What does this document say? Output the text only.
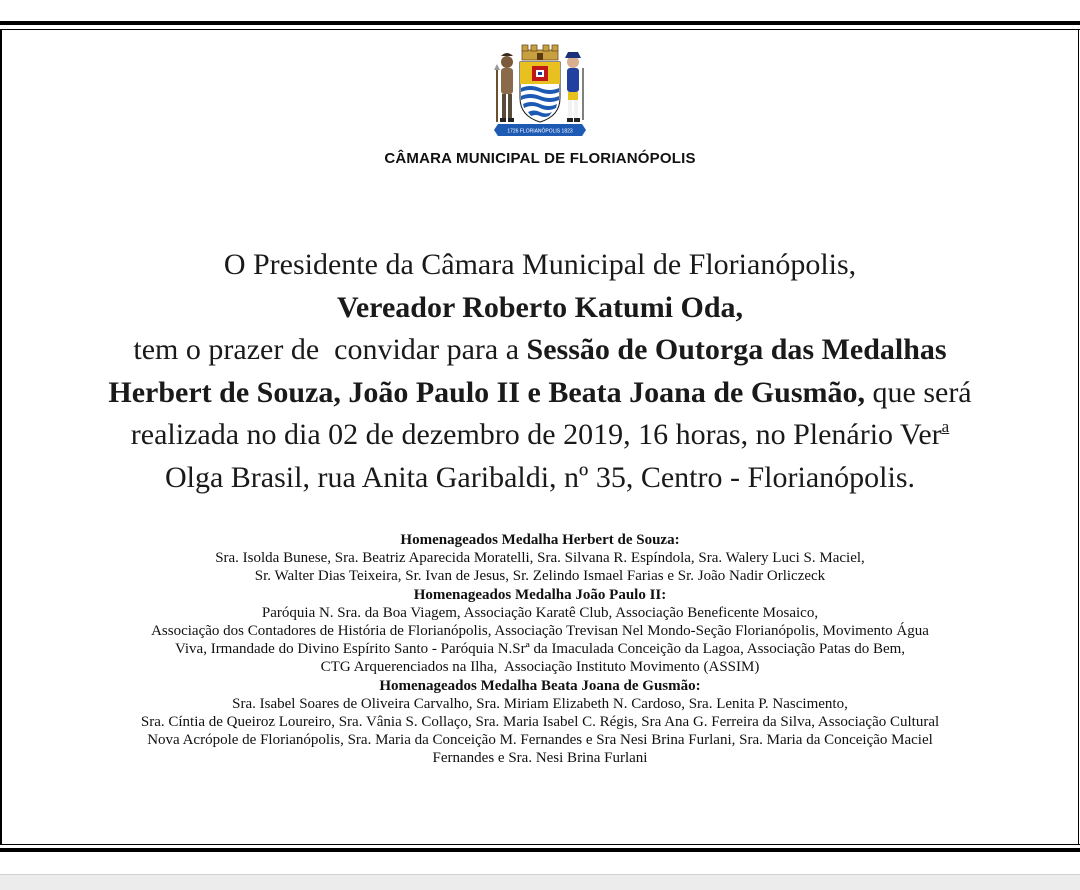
1726 FLORIANÓPOLIS 1823
CÂMARA MUNICIPAL DE FLORIANÓPOLIS
O Presidente da Câmara Municipal de Florianópolis,
Vereador Roberto Katumi Oda,
tem o prazer de  convidar para a Sessão de Outorga das Medalhas
Herbert de Souza, João Paulo II e Beata Joana de Gusmão, que será
realizada no dia 02 de dezembro de 2019, 16 horas, no Plenário Ver$^a$
Olga Brasil, rua Anita Garibaldi, nº 35, Centro - Florianópolis.
Homenageados Medalha Herbert de Souza:
Sra. Isolda Bunese, Sra. Beatriz Aparecida Moratelli, Sra. Silvana R. Espíndola, Sra. Walery Luci S. Maciel,
Sr. Walter Dias Teixeira, Sr. Ivan de Jesus, Sr. Zelindo Ismael Farias e Sr. João Nadir Orliczeck
Homenageados Medalha João Paulo II:
Paróquia N. Sra. da Boa Viagem, Associação Karatê Club, Associação Beneficente Mosaico,
Associação dos Contadores de História de Florianópolis, Associação Trevisan Nel Mondo-Seção Florianópolis, Movimento Água
Viva, Irmandade do Divino Espírito Santo - Paróquia N.Srª da Imaculada Conceição da Lagoa, Associação Patas do Bem,
CTG Arquerenciados na Ilha,  Associação Instituto Movimento (ASSIM)
Homenageados Medalha Beata Joana de Gusmão:
Sra. Isabel Soares de Oliveira Carvalho, Sra. Miriam Elizabeth N. Cardoso, Sra. Lenita P. Nascimento,
Sra. Cíntia de Queiroz Loureiro, Sra. Vânia S. Collaço, Sra. Maria Isabel C. Régis, Sra Ana G. Ferreira da Silva, Associação Cultural
Nova Acrópole de Florianópolis, Sra. Maria da Conceição M. Fernandes e Sra Nesi Brina Furlani, Sra. Maria da Conceição Maciel
Fernandes e Sra. Nesi Brina Furlani
